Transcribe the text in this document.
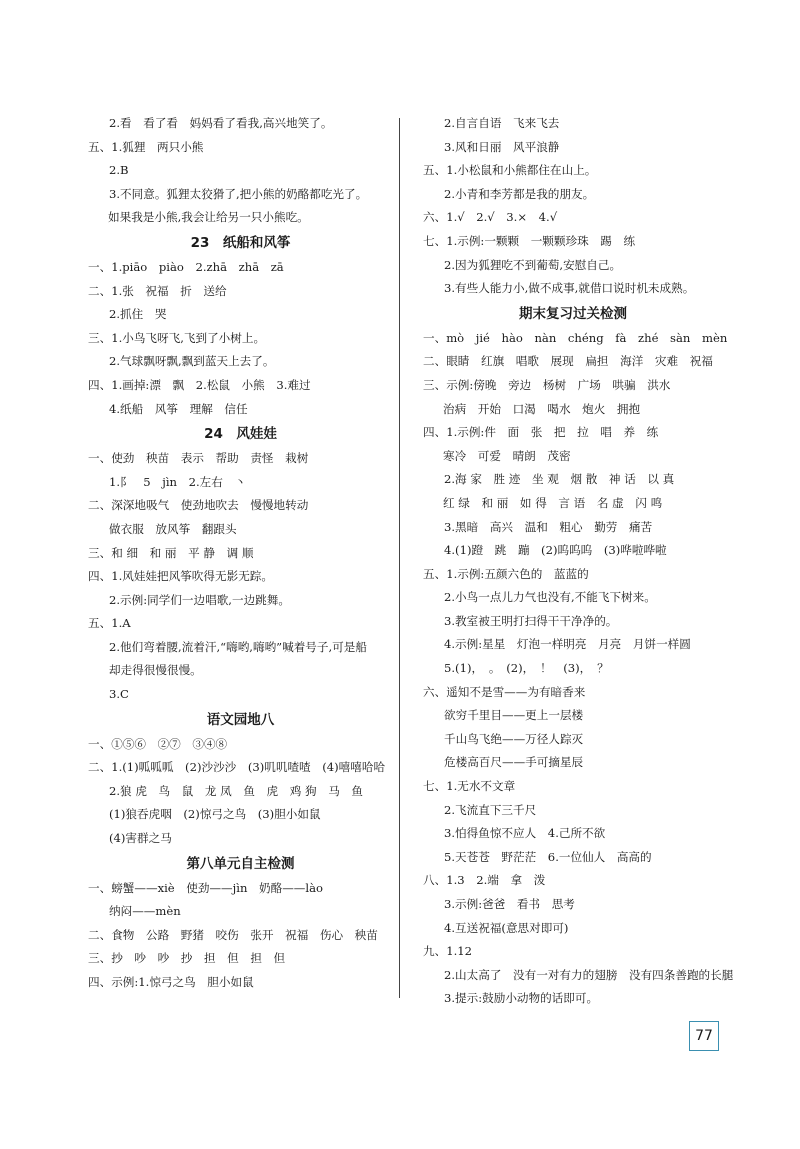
2.看　看了看　妈妈看了看我,高兴地笑了。
五、1.狐狸　两只小熊
2.B
3.不同意。狐狸太狡猾了,把小熊的奶酪都吃光了。
如果我是小熊,我会让给另一只小熊吃。
23　纸船和风筝
一、1.piāo　piào　2.zhā　zhā　zā
二、1.张　祝福　折　送给
2.抓住　哭
三、1.小鸟飞呀飞,飞到了小树上。
2.气球飘呀飘,飘到蓝天上去了。
四、1.画掉:漂　飘　2.松鼠　小熊　3.难过
4.纸船　风筝　理解　信任
24　风娃娃
一、使劲　秧苗　表示　帮助　责怪　栽树
1.⻖　5　jìn　2.左右　丶
二、深深地吸气　使劲地吹去　慢慢地转动
做衣服　放风筝　翻跟头
三、和 细　和 丽　平 静　调 顺
四、1.风娃娃把风筝吹得无影无踪。
2.示例:同学们一边唱歌,一边跳舞。
五、1.A
2.他们弯着腰,流着汗,“嗨哟,嗨哟”喊着号子,可是船
却走得很慢很慢。
3.C
语文园地八
一、①⑤⑥　②⑦　③④⑧
二、1.(1)呱呱呱　(2)沙沙沙　(3)叽叽喳喳　(4)嘻嘻哈哈
2.狼 虎　鸟　鼠　龙 凤　鱼　虎　鸡 狗　马　鱼
(1)狼吞虎咽　(2)惊弓之鸟　(3)胆小如鼠
(4)害群之马
第八单元自主检测
一、螃蟹——xiè　使劲——jìn　奶酪——lào
纳闷——mèn
二、食物　公路　野猪　咬伤　张开　祝福　伤心　秧苗
三、抄　吵　吵　抄　担　但　担　但
四、示例:1.惊弓之鸟　胆小如鼠
2.自言自语　飞来飞去
3.风和日丽　风平浪静
五、1.小松鼠和小熊都住在山上。
2.小青和李芳都是我的朋友。
六、1.√　2.√　3.×　4.√
七、1.示例:一颗颗　一颗颗珍珠　踢　练
2.因为狐狸吃不到葡萄,安慰自己。
3.有些人能力小,做不成事,就借口说时机未成熟。
期末复习过关检测
一、mò　jié　hào　nàn　chéng　fà　zhé　sàn　mèn
二、眼睛　红旗　唱歌　展现　扁担　海洋　灾难　祝福
三、示例:傍晚　旁边　杨树　广场　哄骗　洪水
治病　开始　口渴　喝水　炮火　拥抱
四、1.示例:件　面　张　把　拉　唱　养　练
寒冷　可爱　晴朗　茂密
2.海 家　胜 迹　坐 观　烟 散　神 话　以 真
红 绿　和 丽　如 得　言 语　名 虚　闪 鸣
3.黑暗　高兴　温和　粗心　勤劳　痛苦
4.(1)蹬　跳　蹦　(2)呜呜呜　(3)哗啦哗啦
五、1.示例:五颜六色的　蓝蓝的
2.小鸟一点儿力气也没有,不能飞下树来。
3.教室被王明打扫得干干净净的。
4.示例:星星　灯泡一样明亮　月亮　月饼一样圆
5.(1)，　。　(2)，　！　(3)，　？
六、遥知不是雪——为有暗香来
欲穷千里目——更上一层楼
千山鸟飞绝——万径人踪灭
危楼高百尺——手可摘星辰
七、1.无水不文章
2.飞流直下三千尺
3.怕得鱼惊不应人　4.己所不欲
5.天苍苍　野茫茫　6.一位仙人　高高的
八、1.3　2.端　拿　泼
3.示例:爸爸　看书　思考
4.互送祝福(意思对即可)
九、1.12
2.山太高了　没有一对有力的翅膀　没有四条善跑的长腿
3.提示:鼓励小动物的话即可。
77
